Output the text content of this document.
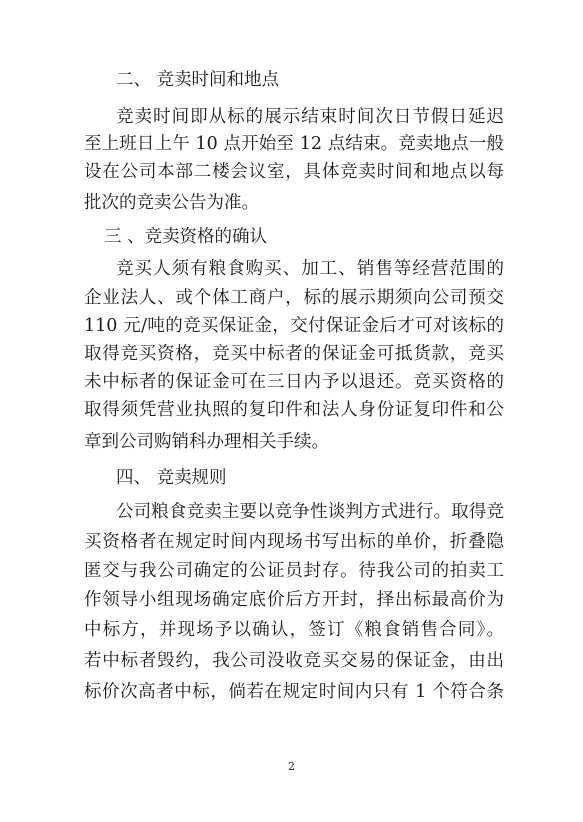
二、 竞卖时间和地点
竞卖时间即从标的展示结束时间次日节假日延迟
至上班日上午 10 点开始至 12 点结束。竞卖地点一般
设在公司本部二楼会议室，具体竞卖时间和地点以每
批次的竞卖公告为准。
三 、竞卖资格的确认
竞买人须有粮食购买、加工、销售等经营范围的
企业法人、或个体工商户，标的展示期须向公司预交
110 元/吨的竞买保证金，交付保证金后才可对该标的
取得竞买资格，竞买中标者的保证金可抵货款，竞买
未中标者的保证金可在三日内予以退还。竞买资格的
取得须凭营业执照的复印件和法人身份证复印件和公
章到公司购销科办理相关手续。
四、 竞卖规则
公司粮食竞卖主要以竞争性谈判方式进行。取得竞
买资格者在规定时间内现场书写出标的单价，折叠隐
匿交与我公司确定的公证员封存。待我公司的拍卖工
作领导小组现场确定底价后方开封，择出标最高价为
中标方，并现场予以确认，签订《粮食销售合同》。
若中标者毁约，我公司没收竞买交易的保证金，由出
标价次高者中标，倘若在规定时间内只有 1 个符合条
2
